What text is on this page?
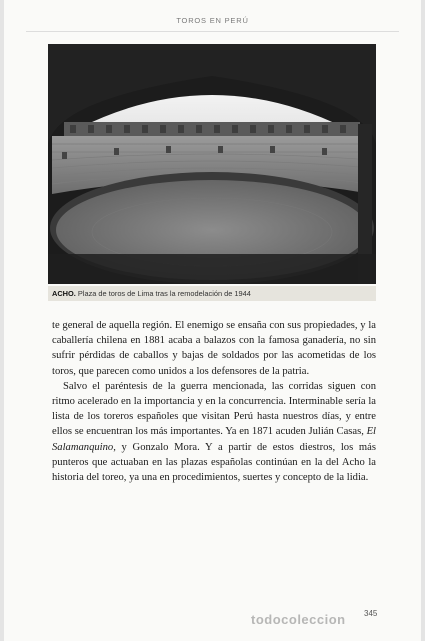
TOROS EN PERÚ
ACHO. Plaza de toros de Lima tras la remodelación de 1944

te general de aquella región. El enemigo se ensaña con sus propiedades, y la caballería chilena en 1881 acaba a balazos con la famosa ganadería, no sin sufrir pérdidas de caballos y bajas de soldados por las acometidas de los toros, que parecen como unidos a los defensores de la patria.

Salvo el paréntesis de la guerra mencionada, las corridas siguen con ritmo acelerado en la importancia y en la concurrencia. Interminable sería la lista de los toreros españoles que visitan Perú hasta nuestros días, y entre ellos se encuentran los más importantes. Ya en 1871 acuden Julián Casas, El Salamanquino, y Gonzalo Mora. Y a partir de estos diestros, los más punteros que actuaban en las plazas españolas continúan en la del Acho la historia del toreo, ya una en procedimientos, suertes y concepto de la lidia.

345
todocoleccion
